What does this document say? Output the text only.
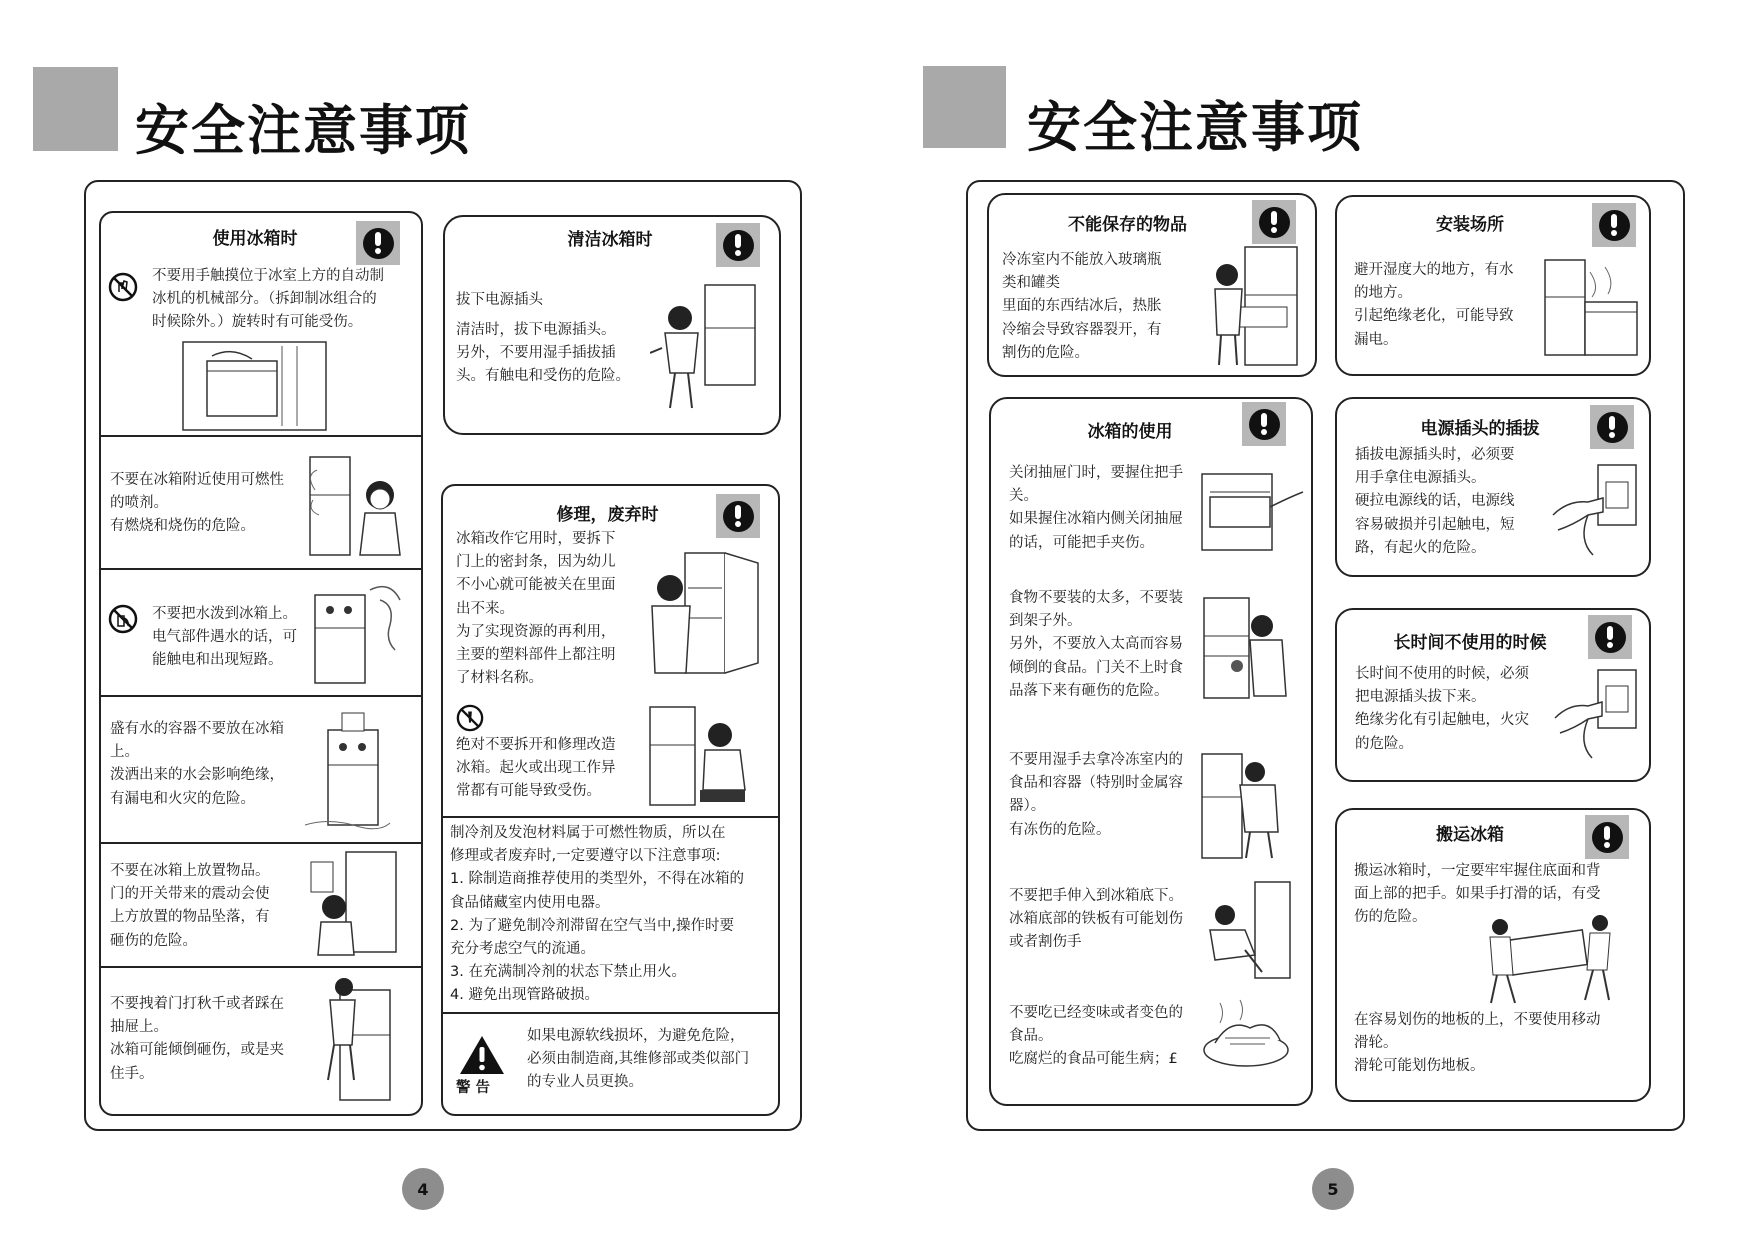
安全注意事项
使用冰箱时
不要用手触摸位于冰室上方的自动制
冰机的机械部分。（拆卸制冰组合的
时候除外。）旋转时有可能受伤。
不要在冰箱附近使用可燃性
的喷剂。
有燃烧和烧伤的危险。
不要把水泼到冰箱上。
电气部件遇水的话，可
能触电和出现短路。
盛有水的容器不要放在冰箱
上。
泼洒出来的水会影响绝缘，
有漏电和火灾的危险。
不要在冰箱上放置物品。
门的开关带来的震动会使
上方放置的物品坠落，有
砸伤的危险。
不要拽着门打秋千或者踩在
抽屉上。
冰箱可能倾倒砸伤，或是夹
住手。
清洁冰箱时
拔下电源插头
清洁时，拔下电源插头。
另外，不要用湿手插拔插
头。有触电和受伤的危险。
修理，废弃时
冰箱改作它用时，要拆下
门上的密封条，因为幼儿
不小心就可能被关在里面
出不来。
为了实现资源的再利用，
主要的塑料部件上都注明
了材料名称。
绝对不要拆开和修理改造
冰箱。起火或出现工作异
常都有可能导致受伤。
制冷剂及发泡材料属于可燃性物质，所以在
修理或者废弃时,一定要遵守以下注意事项:
1. 除制造商推荐使用的类型外，不得在冰箱的
食品储藏室内使用电器。
2. 为了避免制冷剂滞留在空气当中,操作时要
充分考虑空气的流通。
3. 在充满制冷剂的状态下禁止用火。
4. 避免出现管路破损。
警 告
如果电源软线损坏，为避免危险，
必须由制造商,其维修部或类似部门
的专业人员更换。
4
安全注意事项
不能保存的物品
冷冻室内不能放入玻璃瓶
类和罐类
里面的东西结冰后，热胀
冷缩会导致容器裂开，有
割伤的危险。
冰箱的使用
关闭抽屉门时，要握住把手
关。
如果握住冰箱内侧关闭抽屉
的话，可能把手夹伤。
食物不要装的太多，不要装
到架子外。
另外，不要放入太高而容易
倾倒的食品。门关不上时食
品落下来有砸伤的危险。
不要用湿手去拿冷冻室内的
食品和容器（特别时金属容
器）。
有冻伤的危险。
不要把手伸入到冰箱底下。
冰箱底部的铁板有可能划伤
或者割伤手
不要吃已经变味或者变色的
食品。
吃腐烂的食品可能生病；£
安装场所
避开湿度大的地方，有水
的地方。
引起绝缘老化，可能导致
漏电。
电源插头的插拔
插拔电源插头时，必须要
用手拿住电源插头。
硬拉电源线的话，电源线
容易破损并引起触电，短
路，有起火的危险。
长时间不使用的时候
长时间不使用的时候，必须
把电源插头拔下来。
绝缘劣化有引起触电，火灾
的危险。
搬运冰箱
搬运冰箱时，一定要牢牢握住底面和背
面上部的把手。如果手打滑的话，有受
伤的危险。
在容易划伤的地板的上，不要使用移动
滑轮。
滑轮可能划伤地板。
5
